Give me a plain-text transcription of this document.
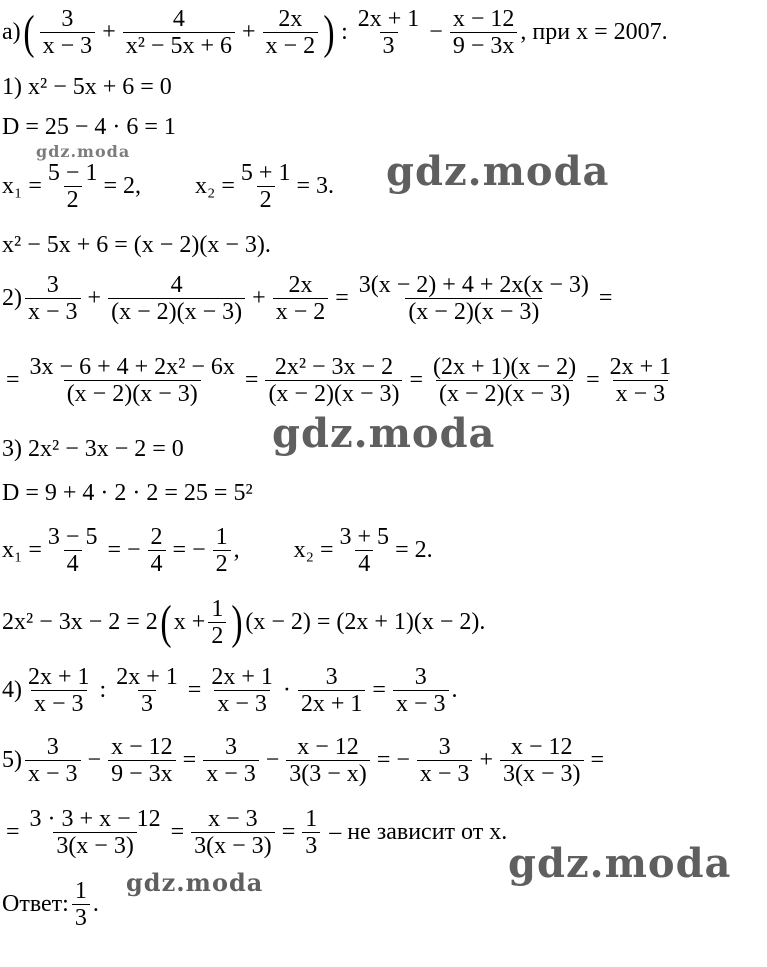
а) ( $\frac{3}{x - 3} + \frac{4}{\text{x² − 5x + 6}} + \frac{2x}{x - 2}$ ) : $\frac{2x + 1}{3} - \frac{x - 12}{9 - 3x}$ , при x = 2007.
1) x² − 5x + 6 = 0
D = 25 − 4 · 6 = 1
$x_1 = \frac{5 - 1}{2} = 2$, $x_2 = \frac{5 + 1}{2} = 3$.
x² − 5x + 6 = (x − 2)(x − 3).
$2) \frac{3}{x - 3} + \frac{4}{(x - 2)(x - 3)} + \frac{2x}{x - 2} = \frac{3(x - 2) + 4 + 2x(x - 3)}{(x - 2)(x - 3)}$ =
= $\frac{\text{3x − 6 + 4 + 2x² − 6x}}{(x - 2)(x - 3)} = \frac{\text{2x² − 3x − 2}}{(x - 2)(x - 3)} = \frac{(2x + 1)(x - 2)}{(x - 2)(x - 3)} = \frac{2x + 1}{x - 3}$
3) 2x² − 3x − 2 = 0
D = 9 + 4 · 2 · 2 = 25 = 5²
$x_1 = \frac{3 - 5}{4}$ = − $\frac{2}{4}$ = − $\frac{1}{2}$ , $x_2 = \frac{3 + 5}{4} = 2$.
2x² − 3x − 2 = 2 ( $x + \frac{1}{2}$ ) (x − 2) = (2x + 1)(x − 2).
$4) \frac{2x + 1}{x - 3}$ : $\frac{2x + 1}{3} = \frac{2x + 1}{x - 3} \cdot \frac{3}{2x + 1} = \frac{3}{x - 3}$ .
$5) \frac{3}{x - 3} - \frac{x - 12}{9 - 3x} = \frac{3}{x - 3} - \frac{x - 12}{3(3 - x)}$ = − $\frac{3}{x - 3} + \frac{x - 12}{3(x - 3)}$ =
= $\frac{3 \cdot 3 + x - 12}{3(x - 3)} = \frac{x - 3}{3(x - 3)} = \frac{1}{3}$ – не зависит от x.
Ответ: $\frac{1}{3}$ .
gdz.moda	gdz.moda
gdz.moda
gdz.moda
gdz.moda
